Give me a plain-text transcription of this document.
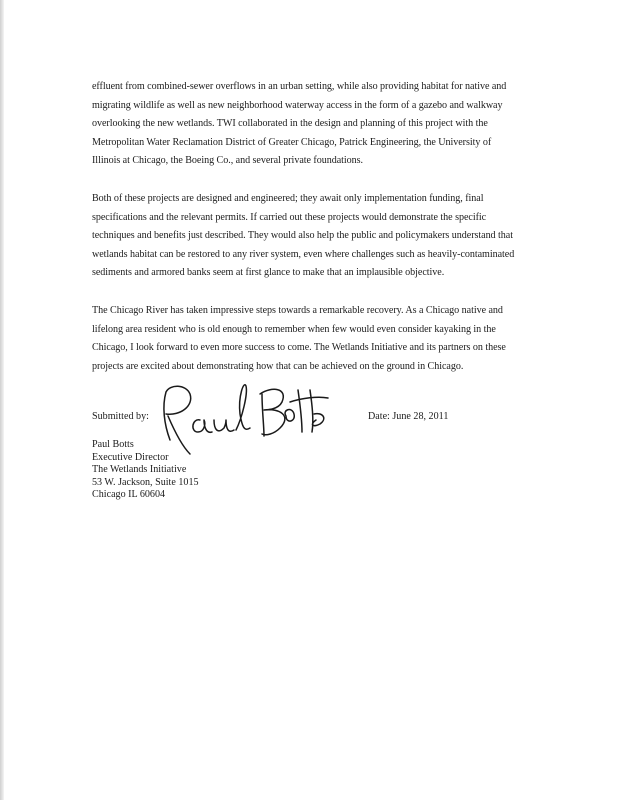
effluent from combined-sewer overflows in an urban setting, while also providing habitat for native and
migrating wildlife as well as new neighborhood waterway access in the form of a gazebo and walkway
overlooking the new wetlands. TWI collaborated in the design and planning of this project with the
Metropolitan Water Reclamation District of Greater Chicago, Patrick Engineering, the University of
Illinois at Chicago, the Boeing Co., and several private foundations.
Both of these projects are designed and engineered; they await only implementation funding, final
specifications and the relevant permits. If carried out these projects would demonstrate the specific
techniques and benefits just described. They would also help the public and policymakers understand that
wetlands habitat can be restored to any river system, even where challenges such as heavily-contaminated
sediments and armored banks seem at first glance to make that an implausible objective.
The Chicago River has taken impressive steps towards a remarkable recovery. As a Chicago native and
lifelong area resident who is old enough to remember when few would even consider kayaking in the
Chicago, I look forward to even more success to come. The Wetlands Initiative and its partners on these
projects are excited about demonstrating how that can be achieved on the ground in Chicago.
Submitted by:	Date: June 28, 2011
Paul Botts
Executive Director
The Wetlands Initiative
53 W. Jackson, Suite 1015
Chicago IL 60604
